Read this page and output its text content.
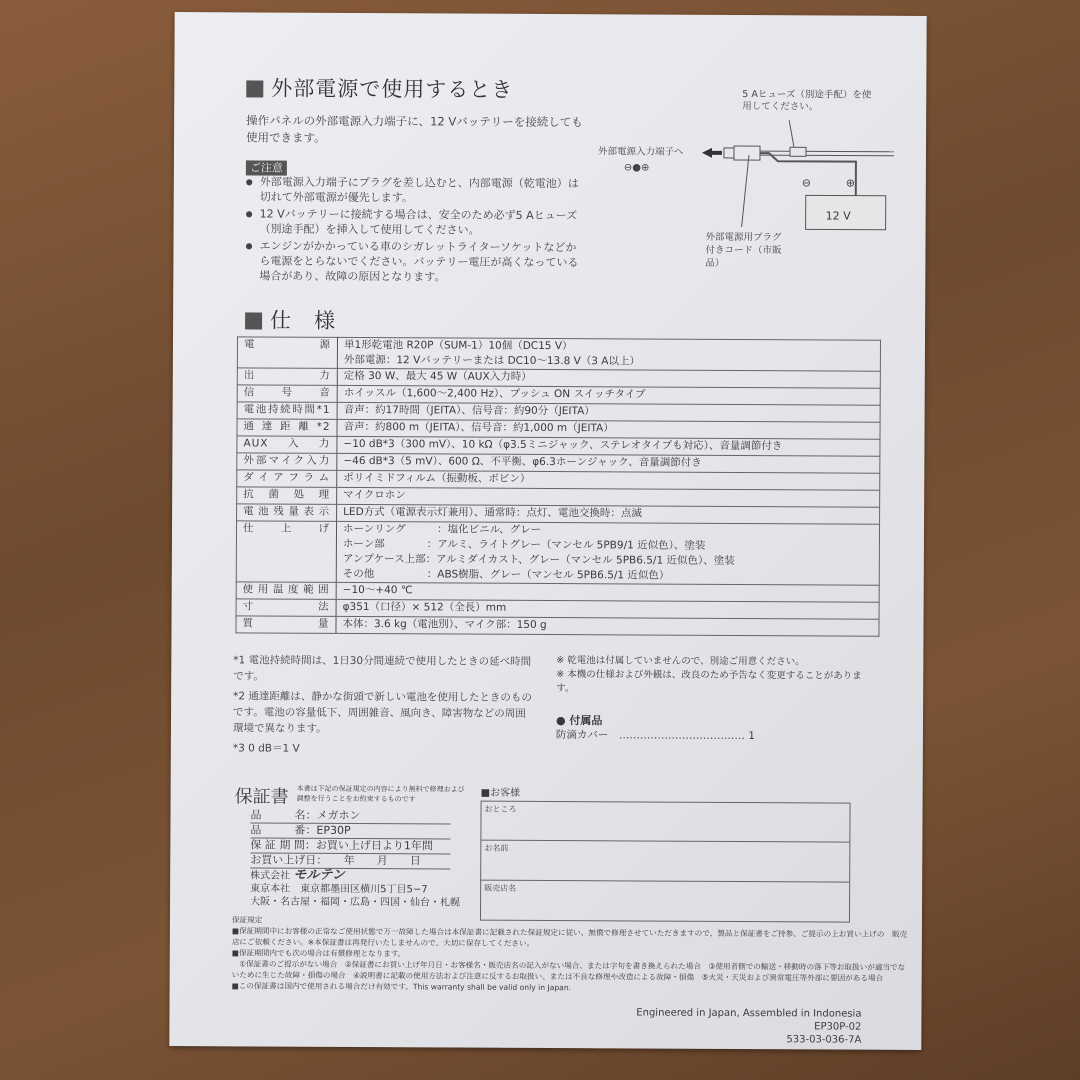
外部電源で使用するとき
操作パネルの外部電源入力端子に、12 Vバッテリーを接続しても使用できます。
ご注意
● 外部電源入力端子にプラグを差し込むと、内部電源（乾電池）は切れて外部電源が優先します。
● 12 Vバッテリーに接続する場合は、安全のため必ず5 Aヒューズ（別途手配）を挿入して使用してください。
● エンジンがかかっている車のシガレットライターソケットなどから電源をとらないでください。バッテリー電圧が高くなっている場合があり、故障の原因となります。
5 Aヒューズ（別途手配）を使用してください。
外部電源入力端子へ
⊖●⊕
12 V
⊖	⊕
外部電源用プラグ付きコード（市販品）
仕　様
電源	単1形乾電池 R20P（SUM-1）10個（DC15 V）
外部電源：12 Vバッテリーまたは DC10〜13.8 V（3 A以上）
出力	定格 30 W、最大 45 W（AUX入力時）
信号音	ホイッスル（1,600〜2,400 Hz）、プッシュ ON スイッチタイプ
電池持続時間*1	音声：約17時間（JEITA）、信号音：約90分（JEITA）
通達距離*2	音声：約800 m（JEITA）、信号音：約1,000 m（JEITA）
AUX入力	−10 dB*3（300 mV）、10 kΩ（φ3.5ミニジャック、ステレオタイプも対応）、音量調節付き
外部マイク入力	−46 dB*3（5 mV）、600 Ω、不平衡、φ6.3ホーンジャック、音量調節付き
ダイアフラム	ポリイミドフィルム（振動板、ボビン）
抗菌処理	マイクロホン
電池残量表示	LED方式（電源表示灯兼用）、通常時：点灯、電池交換時：点滅
仕上げ	ホーンリング　　　：塩化ビニル、グレー
ホーン部　　　　：アルミ、ライトグレー（マンセル 5PB9/1 近似色）、塗装
アンプケース上部：アルミダイカスト、グレー（マンセル 5PB6.5/1 近似色）、塗装
その他　　　　　：ABS樹脂、グレー（マンセル 5PB6.5/1 近似色）
使用温度範囲	−10〜+40 ℃
寸法	φ351（口径）× 512（全長）mm
質量	本体：3.6 kg（電池別）、マイク部：150 g
*1 電池持続時間は、1日30分間連続で使用したときの延べ時間です。
*2 通達距離は、静かな街頭で新しい電池を使用したときのものです。電池の容量低下、周囲雑音、風向き、障害物などの周囲環境で異なります。
*3 0 dB＝1 V
※ 乾電池は付属していませんので、別途ご用意ください。
※ 本機の仕様および外観は、改良のため予告なく変更することがあります。
● 付属品
防滴カバー　……………………………… 1
保証書 本書は下記の保証規定の内容により無料で修理および調整を行うことをお約束するものです
品　　　名：メガホン
品　　　番：EP30P
保 証 期 間：お買い上げ日より1年間
お買い上げ日：　　年　　月　　日
株式会社 モルテン
東京本社　東京都墨田区横川5丁目5−7
大阪・名古屋・福岡・広島・四国・仙台・札幌
■お客様
おところ
お名前
販売店名
保証規定
■保証期間中にお客様の正常なご使用状態で万一故障した場合は本保証書に記載された保証規定に従い、無償で修理させていただきますので、製品と保証書をご持参、ご提示の上お買い上げの　販売店にご依頼ください。※本保証書は再発行いたしませんので、大切に保存してください。
■保証期間内でも次の場合は有償修理となります。
　①保証書のご提示がない場合　②保証書にお買い上げ年月日・お客様名・販売店名の記入がない場合、または字句を書き換えられた場合　③使用者側での輸送・移動時の落下等お取扱いが適当でないために生じた故障・損傷の場合　④説明書に記載の使用方法および注意に反するお取扱い、または不良な修理や改造による故障・損傷　⑤火災・天災および異常電圧等外部に要因がある場合
■この保証書は国内で使用される場合だけ有効です。This warranty shall be valid only in Japan.
Engineered in Japan, Assembled in Indonesia
EP30P-02
533-03-036-7A
